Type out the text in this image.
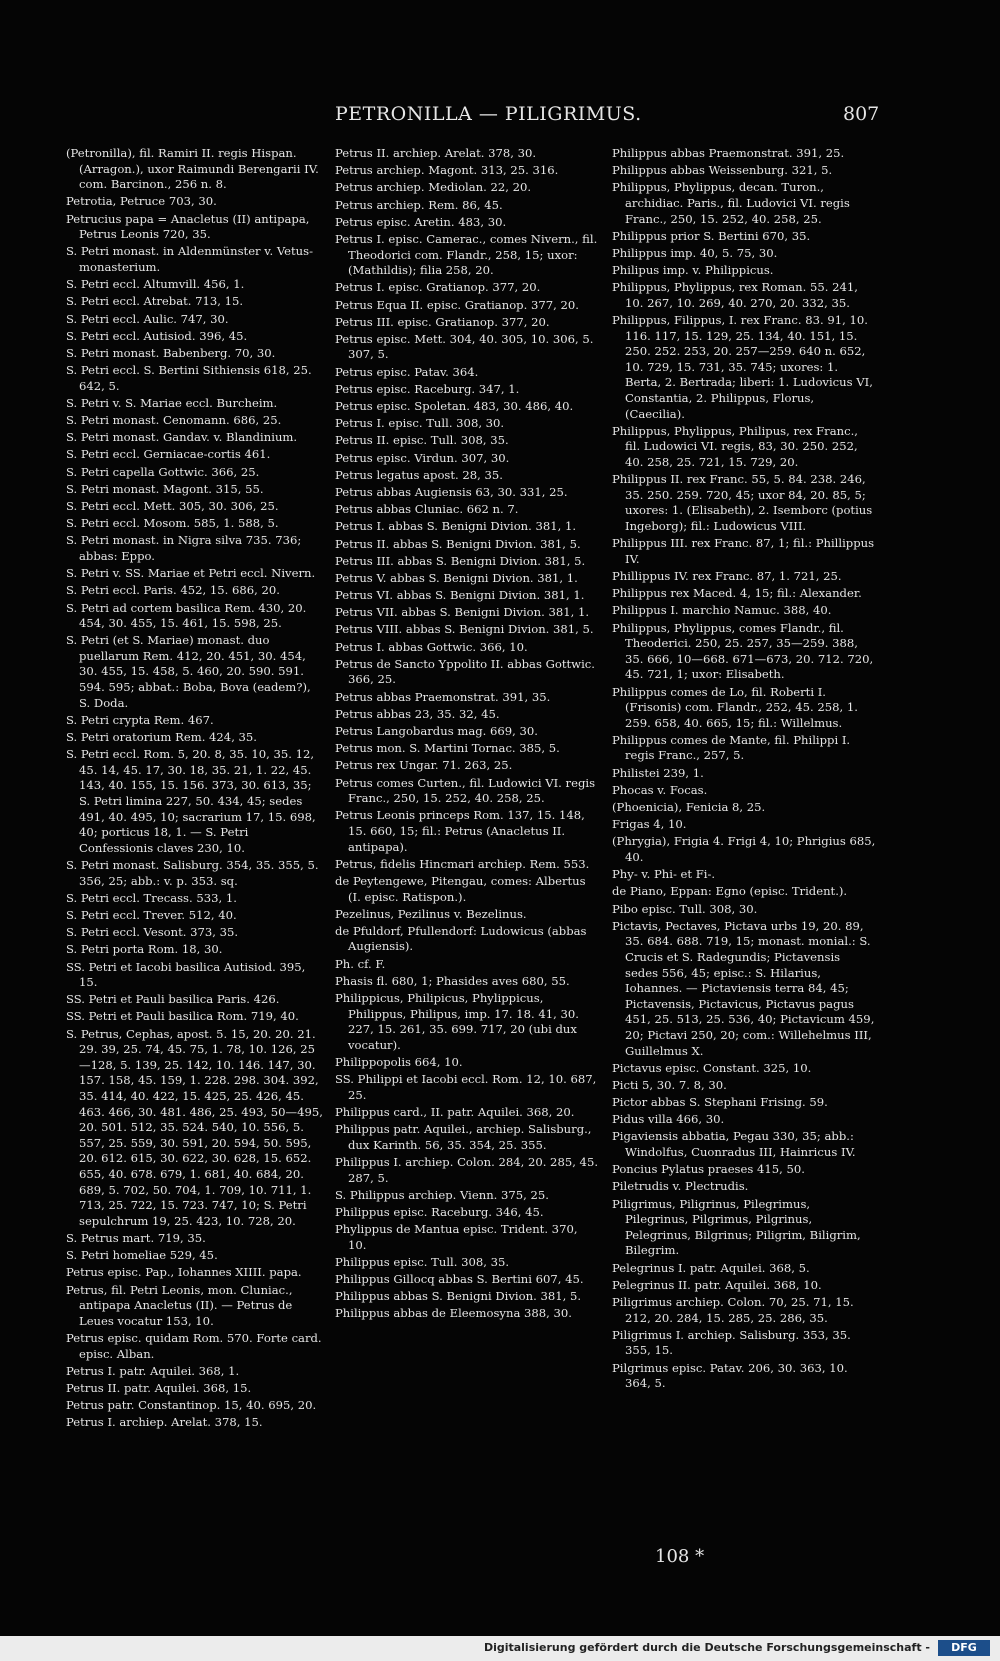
PETRONILLA — PILIGRIMUS.	807

(Petronilla), fil. Ramiri II. regis Hispan. (Arragon.), uxor Raimundi Berengarii IV. com. Barcinon., 256 n. 8.

Petrotia, Petruce 703, 30.

Petrucius papa = Anacletus (II) antipapa, Petrus Leonis 720, 35.

S. Petri monast. in Aldenmünster v. Vetus-monasterium.

S. Petri eccl. Altumvill. 456, 1.

S. Petri eccl. Atrebat. 713, 15.

S. Petri eccl. Aulic. 747, 30.

S. Petri eccl. Autisiod. 396, 45.

S. Petri monast. Babenberg. 70, 30.

S. Petri eccl. S. Bertini Sithiensis 618, 25. 642, 5.

S. Petri v. S. Mariae eccl. Burcheim.

S. Petri monast. Cenomann. 686, 25.

S. Petri monast. Gandav. v. Blandinium.

S. Petri eccl. Gerniacae-cortis 461.

S. Petri capella Gottwic. 366, 25.

S. Petri monast. Magont. 315, 55.

S. Petri eccl. Mett. 305, 30. 306, 25.

S. Petri eccl. Mosom. 585, 1. 588, 5.

S. Petri monast. in Nigra silva 735. 736; abbas: Eppo.

S. Petri v. SS. Mariae et Petri eccl. Nivern.

S. Petri eccl. Paris. 452, 15. 686, 20.

S. Petri ad cortem basilica Rem. 430, 20. 454, 30. 455, 15. 461, 15. 598, 25.

S. Petri (et S. Mariae) monast. duo puellarum Rem. 412, 20. 451, 30. 454, 30. 455, 15. 458, 5. 460, 20. 590. 591. 594. 595; abbat.: Boba, Bova (eadem?), S. Doda.

S. Petri crypta Rem. 467.

S. Petri oratorium Rem. 424, 35.

S. Petri eccl. Rom. 5, 20. 8, 35. 10, 35. 12, 45. 14, 45. 17, 30. 18, 35. 21, 1. 22, 45. 143, 40. 155, 15. 156. 373, 30. 613, 35; S. Petri limina 227, 50. 434, 45; sedes 491, 40. 495, 10; sacrarium 17, 15. 698, 40; porticus 18, 1. — S. Petri Confessionis claves 230, 10.

S. Petri monast. Salisburg. 354, 35. 355, 5. 356, 25; abb.: v. p. 353. sq.

S. Petri eccl. Trecass. 533, 1.

S. Petri eccl. Trever. 512, 40.

S. Petri eccl. Vesont. 373, 35.

S. Petri porta Rom. 18, 30.

SS. Petri et Iacobi basilica Autisiod. 395, 15.

SS. Petri et Pauli basilica Paris. 426.

SS. Petri et Pauli basilica Rom. 719, 40.

S. Petrus, Cephas, apost. 5. 15, 20. 20. 21. 29. 39, 25. 74, 45. 75, 1. 78, 10. 126, 25—128, 5. 139, 25. 142, 10. 146. 147, 30. 157. 158, 45. 159, 1. 228. 298. 304. 392, 35. 414, 40. 422, 15. 425, 25. 426, 45. 463. 466, 30. 481. 486, 25. 493, 50—495, 20. 501. 512, 35. 524. 540, 10. 556, 5. 557, 25. 559, 30. 591, 20. 594, 50. 595, 20. 612. 615, 30. 622, 30. 628, 15. 652. 655, 40. 678. 679, 1. 681, 40. 684, 20. 689, 5. 702, 50. 704, 1. 709, 10. 711, 1. 713, 25. 722, 15. 723. 747, 10; S. Petri sepulchrum 19, 25. 423, 10. 728, 20.

S. Petrus mart. 719, 35.

S. Petri homeliae 529, 45.

Petrus episc. Pap., Iohannes XIIII. papa.

Petrus, fil. Petri Leonis, mon. Cluniac., antipapa Anacletus (II). — Petrus de Leues vocatur 153, 10.

Petrus episc. quidam Rom. 570. Forte card. episc. Alban.

Petrus I. patr. Aquilei. 368, 1.

Petrus II. patr. Aquilei. 368, 15.

Petrus patr. Constantinop. 15, 40. 695, 20.

Petrus I. archiep. Arelat. 378, 15.

Petrus II. archiep. Arelat. 378, 30.

Petrus archiep. Magont. 313, 25. 316.

Petrus archiep. Mediolan. 22, 20.

Petrus archiep. Rem. 86, 45.

Petrus episc. Aretin. 483, 30.

Petrus I. episc. Camerac., comes Nivern., fil. Theodorici com. Flandr., 258, 15; uxor: (Mathildis); filia 258, 20.

Petrus I. episc. Gratianop. 377, 20.

Petrus Equa II. episc. Gratianop. 377, 20.

Petrus III. episc. Gratianop. 377, 20.

Petrus episc. Mett. 304, 40. 305, 10. 306, 5. 307, 5.

Petrus episc. Patav. 364.

Petrus episc. Raceburg. 347, 1.

Petrus episc. Spoletan. 483, 30. 486, 40.

Petrus I. episc. Tull. 308, 30.

Petrus II. episc. Tull. 308, 35.

Petrus episc. Virdun. 307, 30.

Petrus legatus apost. 28, 35.

Petrus abbas Augiensis 63, 30. 331, 25.

Petrus abbas Cluniac. 662 n. 7.

Petrus I. abbas S. Benigni Divion. 381, 1.

Petrus II. abbas S. Benigni Divion. 381, 5.

Petrus III. abbas S. Benigni Divion. 381, 5.

Petrus V. abbas S. Benigni Divion. 381, 1.

Petrus VI. abbas S. Benigni Divion. 381, 1.

Petrus VII. abbas S. Benigni Divion. 381, 1.

Petrus VIII. abbas S. Benigni Divion. 381, 5.

Petrus I. abbas Gottwic. 366, 10.

Petrus de Sancto Yppolito II. abbas Gottwic. 366, 25.

Petrus abbas Praemonstrat. 391, 35.

Petrus abbas 23, 35. 32, 45.

Petrus Langobardus mag. 669, 30.

Petrus mon. S. Martini Tornac. 385, 5.

Petrus rex Ungar. 71. 263, 25.

Petrus comes Curten., fil. Ludowici VI. regis Franc., 250, 15. 252, 40. 258, 25.

Petrus Leonis princeps Rom. 137, 15. 148, 15. 660, 15; fil.: Petrus (Anacletus II. antipapa).

Petrus, fidelis Hincmari archiep. Rem. 553.

de Peytengewe, Pitengau, comes: Albertus (I. episc. Ratispon.).

Pezelinus, Pezilinus v. Bezelinus.

de Pfuldorf, Pfullendorf: Ludowicus (abbas Augiensis).

Ph. cf. F.

Phasis fl. 680, 1; Phasides aves 680, 55.

Philippicus, Philipicus, Phylippicus, Philippus, Philipus, imp. 17. 18. 41, 30. 227, 15. 261, 35. 699. 717, 20 (ubi dux vocatur).

Philippopolis 664, 10.

SS. Philippi et Iacobi eccl. Rom. 12, 10. 687, 25.

Philippus card., II. patr. Aquilei. 368, 20.

Philippus patr. Aquilei., archiep. Salisburg., dux Karinth. 56, 35. 354, 25. 355.

Philippus I. archiep. Colon. 284, 20. 285, 45. 287, 5.

S. Philippus archiep. Vienn. 375, 25.

Philippus episc. Raceburg. 346, 45.

Phylippus de Mantua episc. Trident. 370, 10.

Philippus episc. Tull. 308, 35.

Philippus Gillocq abbas S. Bertini 607, 45.

Philippus abbas S. Benigni Divion. 381, 5.

Philippus abbas de Eleemosyna 388, 30.

Philippus abbas Praemonstrat. 391, 25.

Philippus abbas Weissenburg. 321, 5.

Philippus, Phylippus, decan. Turon., archidiac. Paris., fil. Ludovici VI. regis Franc., 250, 15. 252, 40. 258, 25.

Philippus prior S. Bertini 670, 35.

Philippus imp. 40, 5. 75, 30.

Philipus imp. v. Philippicus.

Philippus, Phylippus, rex Roman. 55. 241, 10. 267, 10. 269, 40. 270, 20. 332, 35.

Philippus, Filippus, I. rex Franc. 83. 91, 10. 116. 117, 15. 129, 25. 134, 40. 151, 15. 250. 252. 253, 20. 257—259. 640 n. 652, 10. 729, 15. 731, 35. 745; uxores: 1. Berta, 2. Bertrada; liberi: 1. Ludovicus VI, Constantia, 2. Philippus, Florus, (Caecilia).

Philippus, Phylippus, Philipus, rex Franc., fil. Ludowici VI. regis, 83, 30. 250. 252, 40. 258, 25. 721, 15. 729, 20.

Philippus II. rex Franc. 55, 5. 84. 238. 246, 35. 250. 259. 720, 45; uxor 84, 20. 85, 5; uxores: 1. (Elisabeth), 2. Isemborc (potius Ingeborg); fil.: Ludowicus VIII.

Philippus III. rex Franc. 87, 1; fil.: Phillippus IV.

Phillippus IV. rex Franc. 87, 1. 721, 25.

Philippus rex Maced. 4, 15; fil.: Alexander.

Philippus I. marchio Namuc. 388, 40.

Philippus, Phylippus, comes Flandr., fil. Theoderici. 250, 25. 257, 35—259. 388, 35. 666, 10—668. 671—673, 20. 712. 720, 45. 721, 1; uxor: Elisabeth.

Philippus comes de Lo, fil. Roberti I. (Frisonis) com. Flandr., 252, 45. 258, 1. 259. 658, 40. 665, 15; fil.: Willelmus.

Philippus comes de Mante, fil. Philippi I. regis Franc., 257, 5.

Philistei 239, 1.

Phocas v. Focas.

(Phoenicia), Fenicia 8, 25.

Frigas 4, 10.

(Phrygia), Frigia 4. Frigi 4, 10; Phrigius 685, 40.

Phy- v. Phi- et Fi-.

de Piano, Eppan: Egno (episc. Trident.).

Pibo episc. Tull. 308, 30.

Pictavis, Pectaves, Pictava urbs 19, 20. 89, 35. 684. 688. 719, 15; monast. monial.: S. Crucis et S. Radegundis; Pictavensis sedes 556, 45; episc.: S. Hilarius, Iohannes. — Pictaviensis terra 84, 45; Pictavensis, Pictavicus, Pictavus pagus 451, 25. 513, 25. 536, 40; Pictavicum 459, 20; Pictavi 250, 20; com.: Willehelmus III, Guillelmus X.

Pictavus episc. Constant. 325, 10.

Picti 5, 30. 7. 8, 30.

Pictor abbas S. Stephani Frising. 59.

Pidus villa 466, 30.

Pigaviensis abbatia, Pegau 330, 35; abb.: Windolfus, Cuonradus III, Hainricus IV.

Poncius Pylatus praeses 415, 50.

Piletrudis v. Plectrudis.

Piligrimus, Piligrinus, Pilegrimus, Pilegrinus, Pilgrimus, Pilgrinus, Pelegrinus, Bilgrinus; Piligrim, Biligrim, Bilegrim.

Pelegrinus I. patr. Aquilei. 368, 5.

Pelegrinus II. patr. Aquilei. 368, 10.

Piligrimus archiep. Colon. 70, 25. 71, 15. 212, 20. 284, 15. 285, 25. 286, 35.

Piligrimus I. archiep. Salisburg. 353, 35. 355, 15.

Pilgrimus episc. Patav. 206, 30. 363, 10. 364, 5.

108 *
Digitalisierung gefördert durch die Deutsche Forschungsgemeinschaft -	DFG
